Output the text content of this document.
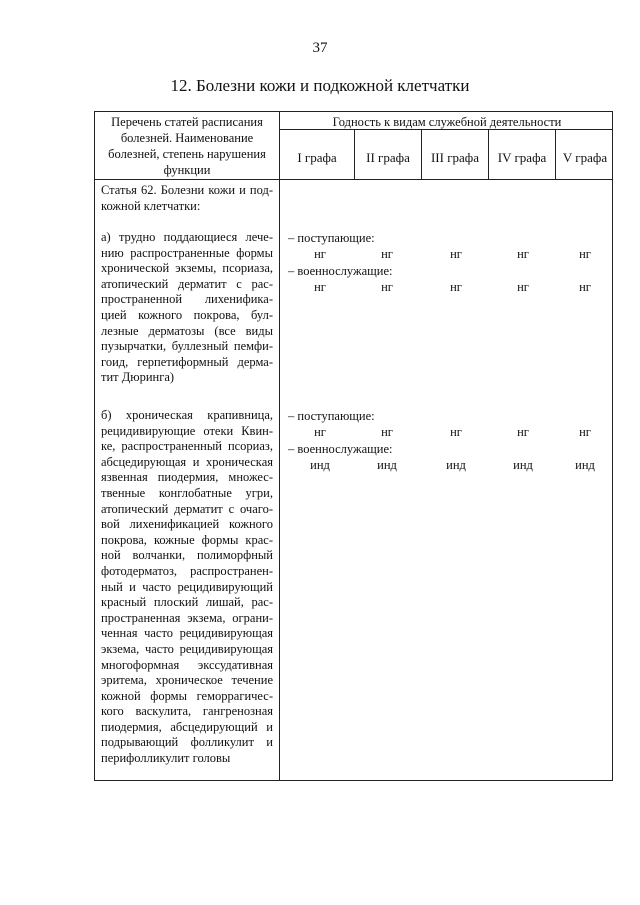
37
12. Болезни кожи и подкожной клетчатки
Перечень статей расписания
болезней. Наименование
болезней, степень нарушения
функции
Годность к видам служебной деятельности
I графа	II графа	III графа	IV графа	V графа
Статья 62. Болезни кожи и под-
кожной клетчатки:
а) трудно поддающиеся лече-
нию распространенные формы
хронической экземы, псориаза,
атопический дерматит с рас-
пространенной лихенифика-
цией кожного покрова, бул-
лезные дерматозы (все виды
пузырчатки, буллезный пемфи-
гоид, герпетиформный дерма-
тит Дюринга)
– поступающие:
нг	нг	нг	нг	нг
– военнослужащие:
нг	нг	нг	нг	нг
б) хроническая крапивница,
рецидивирующие отеки Квин-
ке, распространенный псориаз,
абсцедирующая и хроническая
язвенная пиодермия, множес-
твенные конглобатные угри,
атопический дерматит с очаго-
вой лихенификацией кожного
покрова, кожные формы крас-
ной волчанки, полиморфный
фотодерматоз, распространен-
ный и часто рецидивирующий
красный плоский лишай, рас-
пространенная экзема, ограни-
ченная часто рецидивирующая
экзема, часто рецидивирующая
многоформная экссудативная
эритема, хроническое течение
кожной формы геморрагичес-
кого васкулита, гангренозная
пиодермия, абсцедирующий и
подрывающий фолликулит и
перифолликулит головы
– поступающие:
нг	нг	нг	нг	нг
– военнослужащие:
инд	инд	инд	инд	инд
